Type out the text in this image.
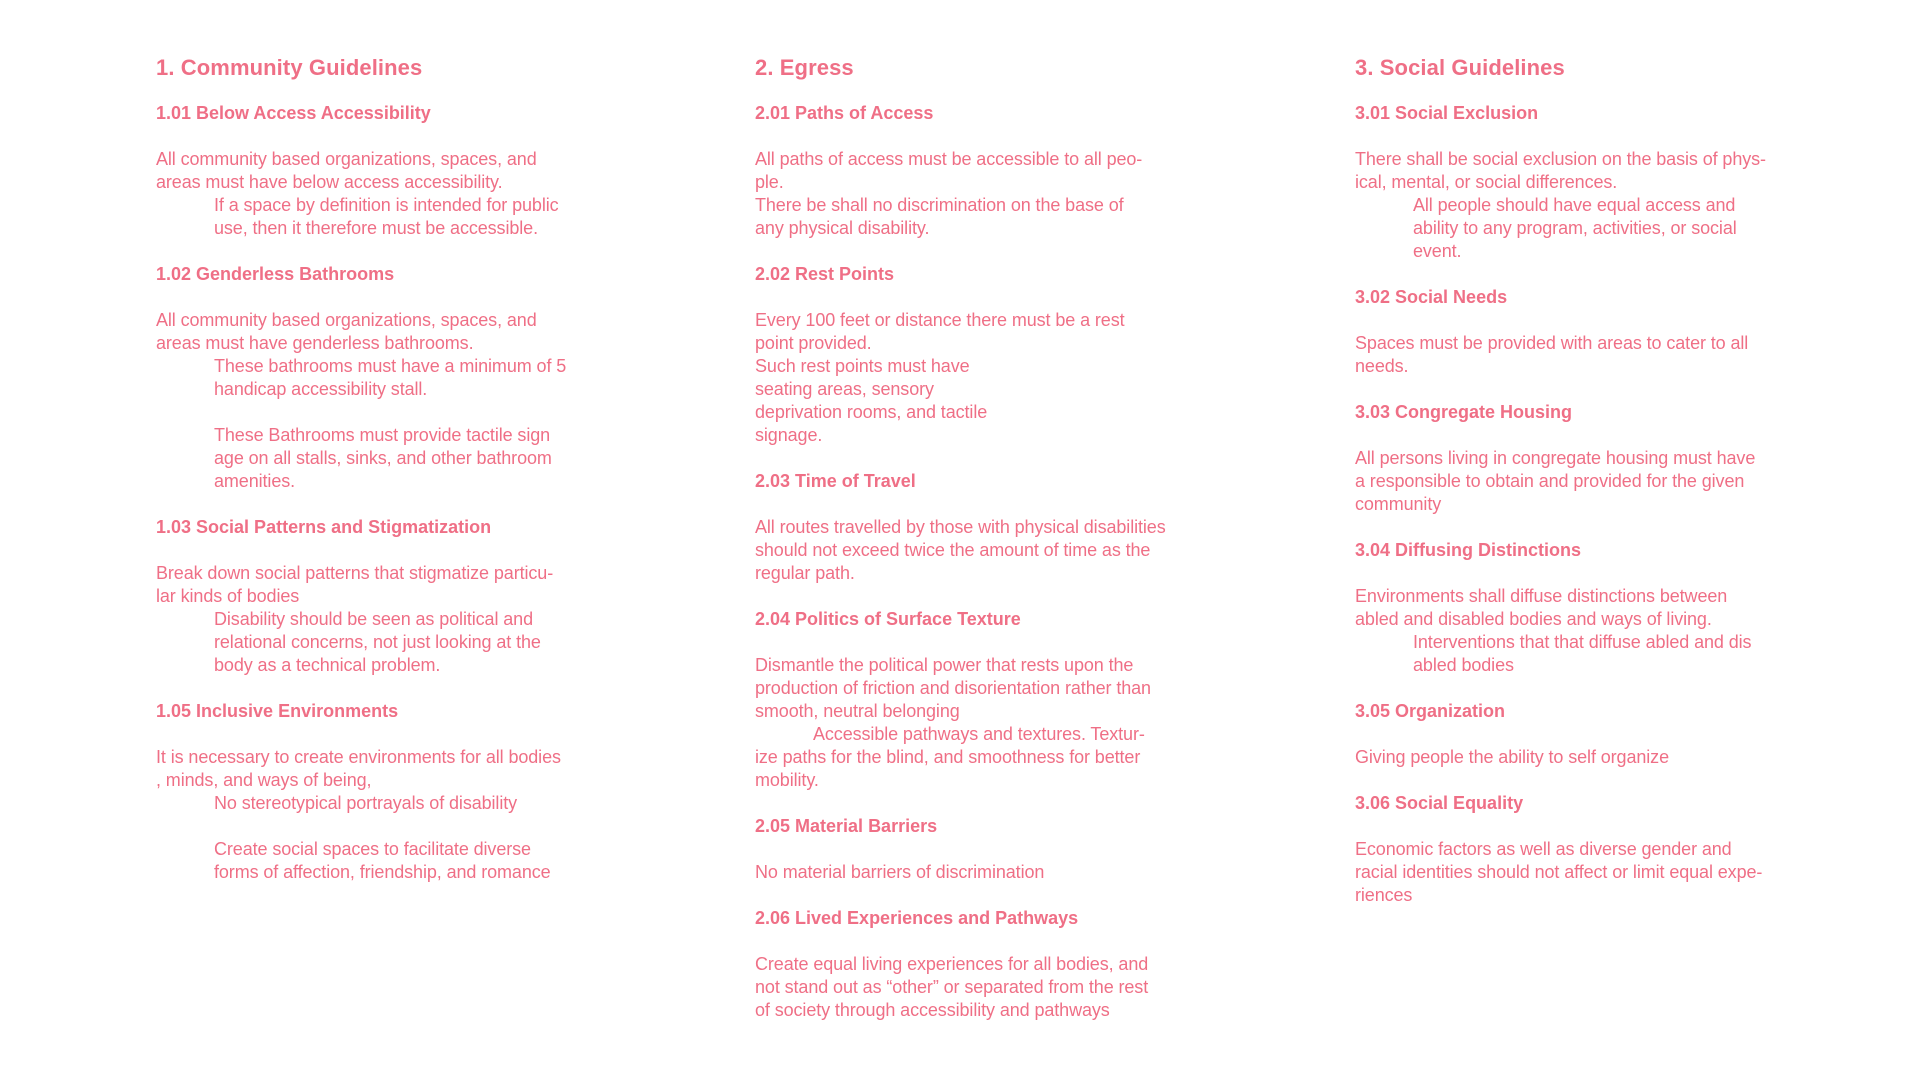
1. Community Guidelines
1.01 Below Access Accessibility

All community based organizations, spaces, and
areas must have below access accessibility.

If a space by definition is intended for public
use, then it therefore must be accessible.

1.02 Genderless Bathrooms

All community based organizations, spaces, and
areas must have genderless bathrooms.

These bathrooms must have a minimum of 5
handicap accessibility stall.

These Bathrooms must provide tactile sign
age on all stalls, sinks, and other bathroom
amenities.

1.03 Social Patterns and Stigmatization

Break down social patterns that stigmatize particu-
lar kinds of bodies

Disability should be seen as political and
relational concerns, not just looking at the
body as a technical problem.

1.05 Inclusive Environments

It is necessary to create environments for all bodies
, minds, and ways of being,

No stereotypical portrayals of disability

Create social spaces to facilitate diverse
forms of affection, friendship, and romance

2. Egress
2.01 Paths of Access

All paths of access must be accessible to all peo-
ple.
There be shall no discrimination on the base of
any physical disability.

2.02 Rest Points

Every 100 feet or distance there must be a rest
point provided.
Such rest points must have
seating areas, sensory
deprivation rooms, and tactile
signage.

2.03 Time of Travel

All routes travelled by those with physical disabilities
should not exceed twice the amount of time as the
regular path.

2.04 Politics of Surface Texture

Dismantle the political power that rests upon the
production of friction and disorientation rather than
smooth, neutral belonging

Accessible pathways and textures. Textur-
ize paths for the blind, and smoothness for better
mobility.

2.05 Material Barriers

No material barriers of discrimination

2.06 Lived Experiences and Pathways

Create equal living experiences for all bodies, and
not stand out as “other” or separated from the rest
of society through accessibility and pathways

3. Social Guidelines
3.01 Social Exclusion

There shall be social exclusion on the basis of phys-
ical, mental, or social differences.

All people should have equal access and
ability to any program, activities, or social
event.

3.02 Social Needs

Spaces must be provided with areas to cater to all
needs.

3.03 Congregate Housing

All persons living in congregate housing must have
a responsible to obtain and provided for the given
community

3.04 Diffusing Distinctions

Environments shall diffuse distinctions between
abled and disabled bodies and ways of living.

Interventions that that diffuse abled and dis
abled bodies

3.05 Organization

Giving people the ability to self organize

3.06 Social Equality

Economic factors as well as diverse gender and
racial identities should not affect or limit equal expe-
riences
